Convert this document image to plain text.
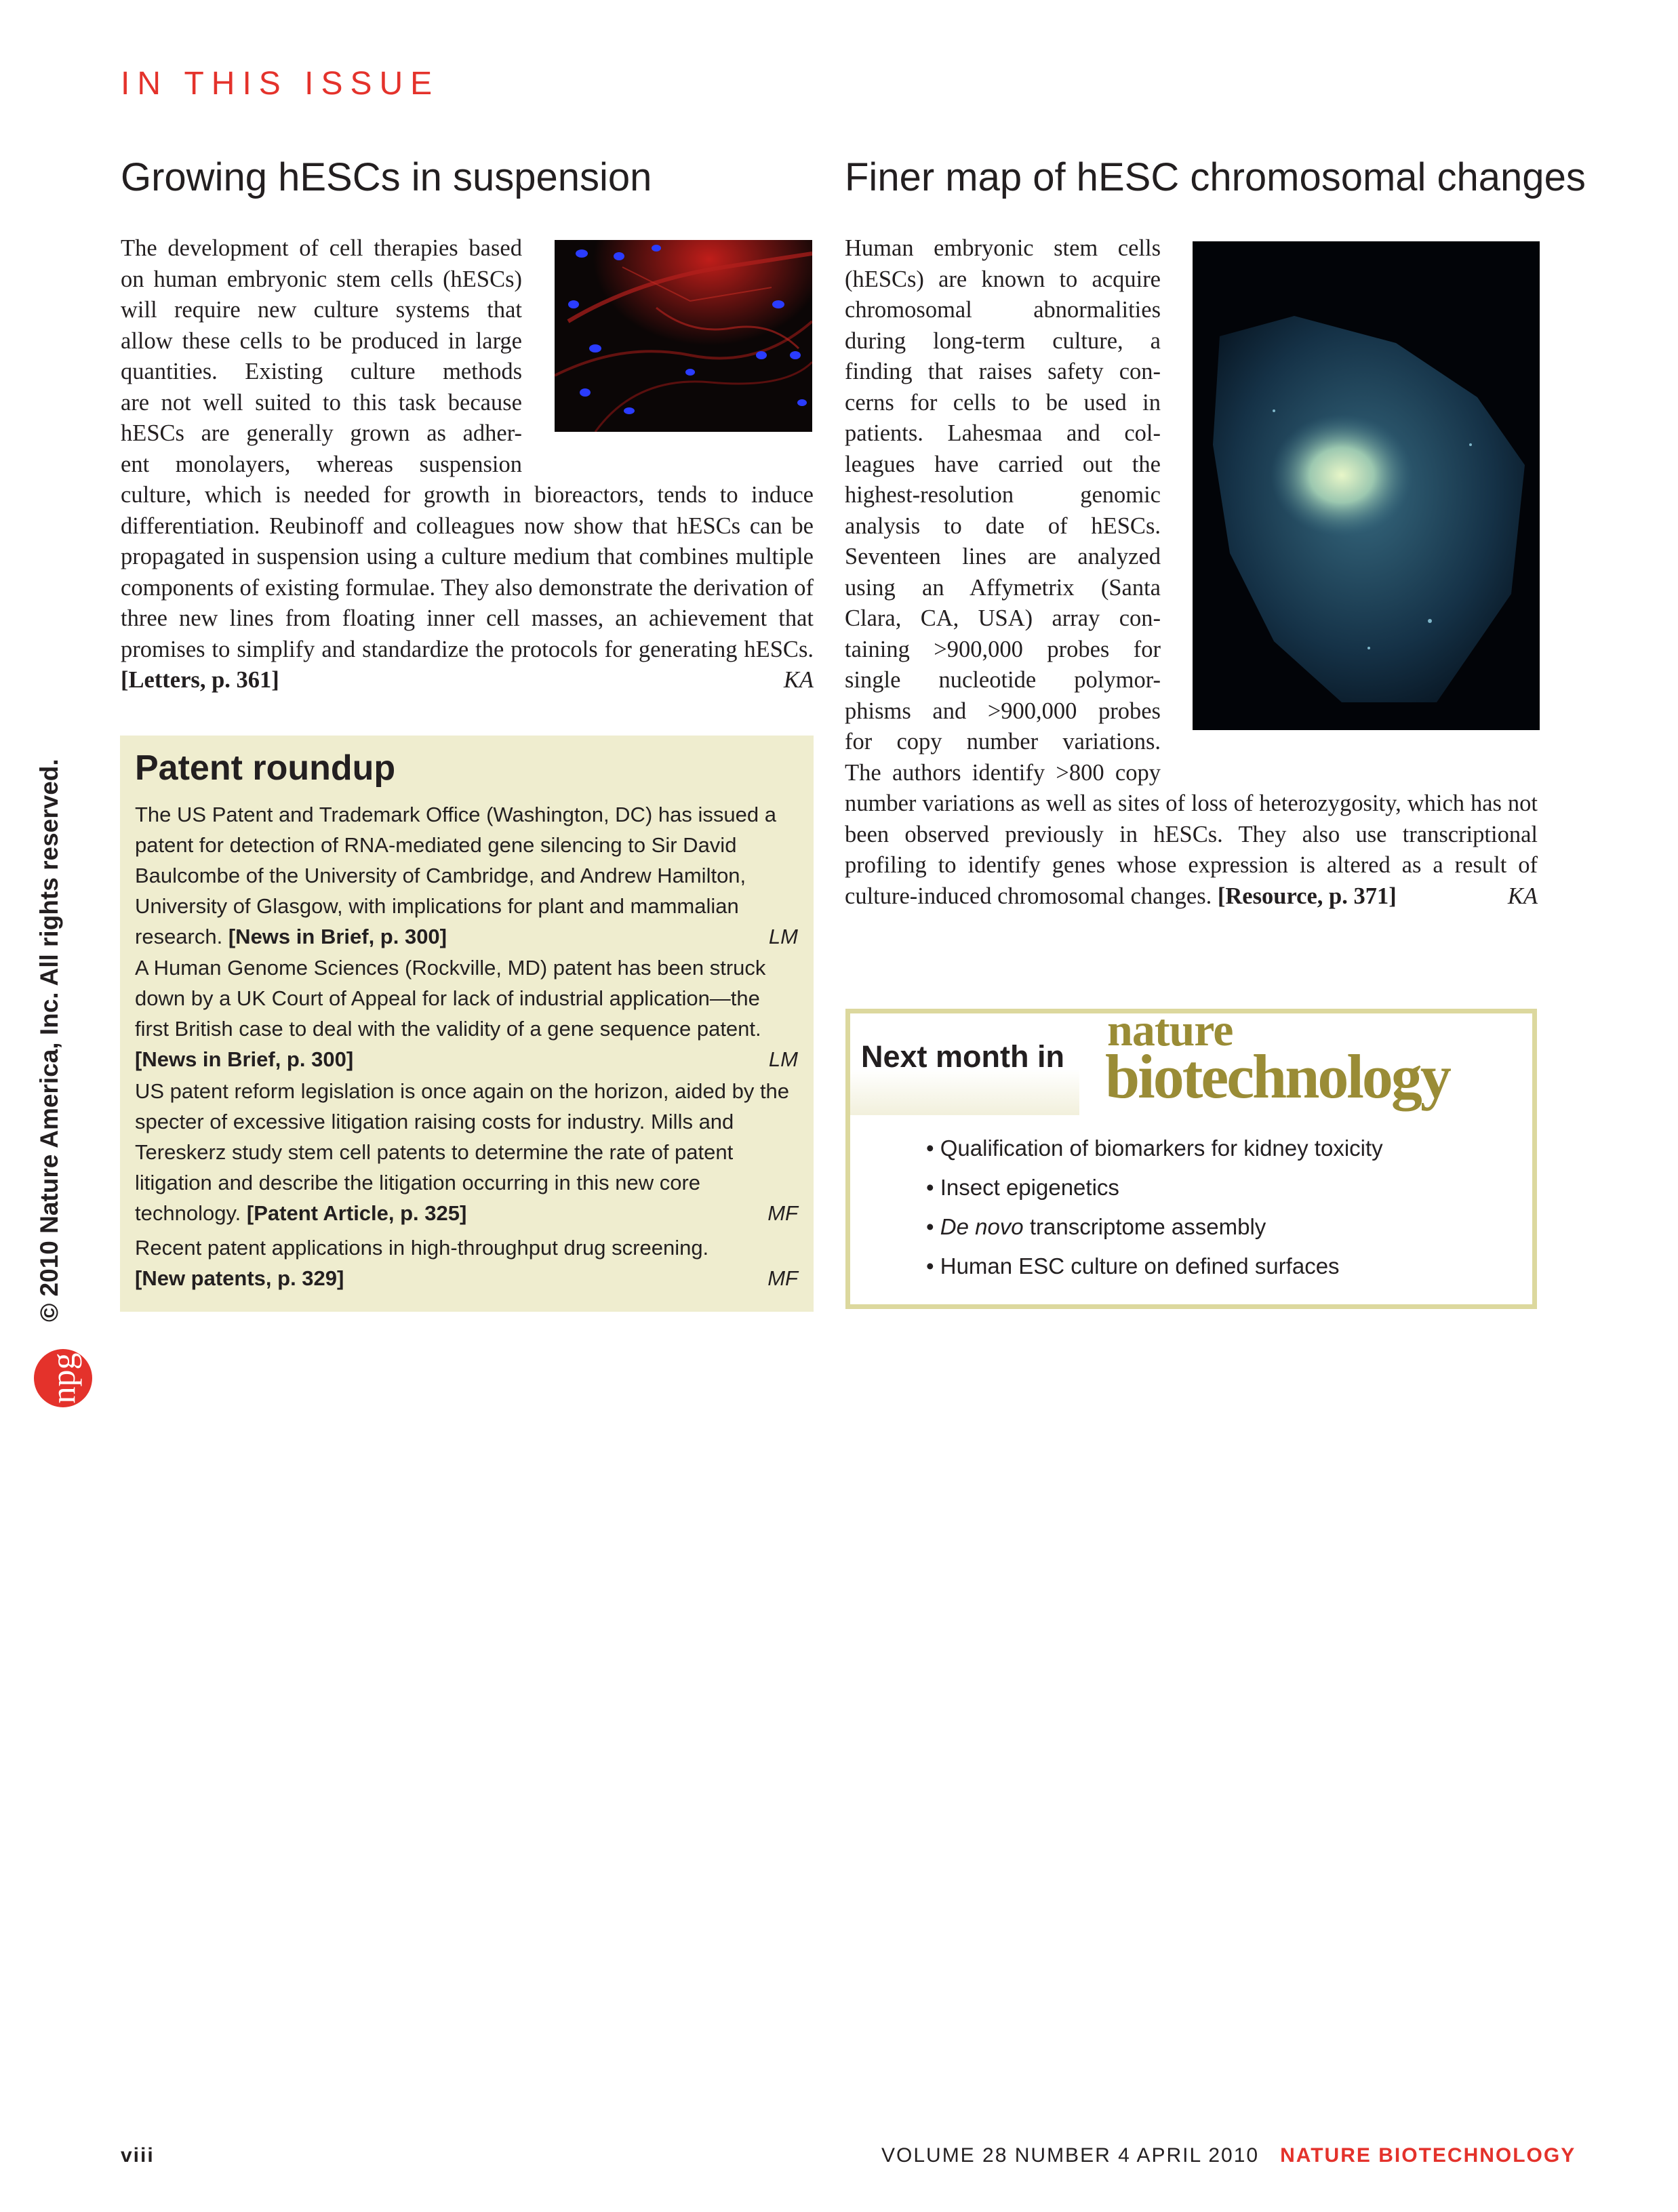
IN THIS ISSUE
Growing hESCs in suspension
The development of cell therapies based
on human embryonic stem cells (hESCs)
will require new culture systems that
allow these cells to be produced in large
quantities. Existing culture methods
are not well suited to this task because
hESCs are generally grown as adher-
ent monolayers, whereas suspension
culture, which is needed for growth in bioreactors, tends to induce differentiation. Reubinoff and colleagues now show that hESCs can be propagated in suspension using a culture medium that combines multiple components of existing formulae. They also demonstrate the derivation of three new lines from floating inner cell masses, an achievement that promises to simplify and standardize the protocols for generating hESCs. [Letters, p. 361]	KA
Finer map of hESC chromosomal changes
Human embryonic stem cells
(hESCs) are known to acquire
chromosomal abnormalities
during long-term culture, a
finding that raises safety con-
cerns for cells to be used in
patients. Lahesmaa and col-
leagues have carried out the
highest-resolution genomic
analysis to date of hESCs.
Seventeen lines are analyzed
using an Affymetrix (Santa
Clara, CA, USA) array con-
taining >900,000 probes for
single nucleotide polymor-
phisms and >900,000 probes
for copy number variations.
The authors identify >800 copy
number variations as well as sites of loss of heterozygosity, which has not been observed previously in hESCs. They also use transcriptional profiling to identify genes whose expression is altered as a result of culture-induced chromosomal changes. [Resource, p. 371]	KA
Patent roundup
The US Patent and Trademark Office (Washington, DC) has issued a patent for detection of RNA-mediated gene silencing to Sir David Baulcombe of the University of Cambridge, and Andrew Hamilton, University of Glasgow, with implications for plant and mammalian research. [News in Brief, p. 300]	LM
A Human Genome Sciences (Rockville, MD) patent has been struck down by a UK Court of Appeal for lack of industrial application—the first British case to deal with the validity of a gene sequence patent. [News in Brief, p. 300]	LM
US patent reform legislation is once again on the horizon, aided by the specter of excessive litigation raising costs for industry. Mills and Tereskerz study stem cell patents to determine the rate of patent litigation and describe the litigation occurring in this new core technology. [Patent Article, p. 325]	MF
Recent patent applications in high-throughput drug screening.
[New patents, p. 329]	MF
Next month in
nature
biotechnology
• Qualification of biomarkers for kidney toxicity
• Insect epigenetics
• De novo transcriptome assembly
• Human ESC culture on defined surfaces
© 2010 Nature America, Inc. All rights reserved.
npg
viii	VOLUME 28 NUMBER 4 APRIL 2010 NATURE BIOTECHNOLOGY
